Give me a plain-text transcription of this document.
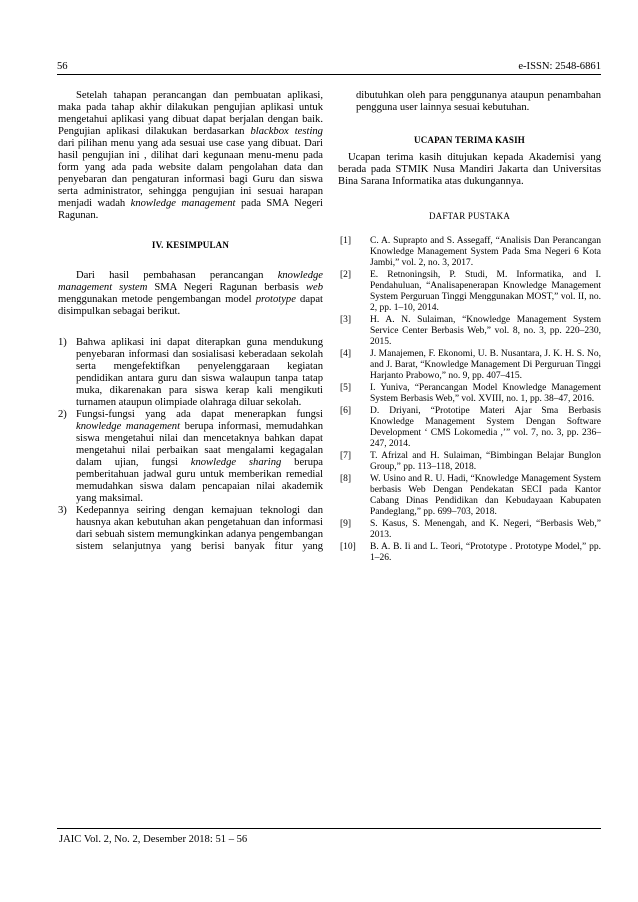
56	e-ISSN: 2548-6861

Setelah tahapan perancangan dan pembuatan aplikasi, maka pada tahap akhir dilakukan pengujian aplikasi untuk mengetahui aplikasi yang dibuat dapat berjalan dengan baik. Pengujian aplikasi dilakukan berdasarkan blackbox testing dari pilihan menu yang ada sesuai use case yang dibuat. Dari hasil pengujian ini , dilihat dari kegunaan menu-menu pada form yang ada pada website dalam pengolahan data dan penyebaran dan pengaturan informasi bagi Guru dan siswa serta administrator, sehingga pengujian ini sesuai harapan menjadi wadah knowledge management pada SMA Negeri Ragunan.

IV. KESIMPULAN

Dari hasil pembahasan perancangan knowledge management system SMA Negeri Ragunan berbasis web menggunakan metode pengembangan model prototype dapat disimpulkan sebagai berikut.

1) Bahwa aplikasi ini dapat diterapkan guna mendukung penyebaran informasi dan sosialisasi keberadaan sekolah serta mengefektifkan penyelenggaraan kegiatan pendidikan antara guru dan siswa walaupun tanpa tatap muka, dikarenakan para siswa kerap kali mengikuti turnamen ataupun olimpiade olahraga diluar sekolah.
2) Fungsi-fungsi yang ada dapat menerapkan fungsi knowledge management berupa informasi, memudahkan siswa mengetahui nilai dan mencetaknya bahkan dapat mengetahui nilai perbaikan saat mengalami kegagalan dalam ujian, fungsi knowledge sharing berupa pemberitahuan jadwal guru untuk memberikan remedial memudahkan siswa dalam pencapaian nilai akademik yang maksimal.
3) Kedepannya seiring dengan kemajuan teknologi dan hausnya akan kebutuhan akan pengetahuan dan informasi dari sebuah sistem memungkinkan adanya pengembangan sistem selanjutnya yang berisi banyak fitur yang

dibutuhkan oleh para penggunanya ataupun penambahan pengguna user lainnya sesuai kebutuhan.

UCAPAN TERIMA KASIH

Ucapan terima kasih ditujukan kepada Akademisi yang berada pada STMIK Nusa Mandiri Jakarta dan Universitas Bina Sarana Informatika atas dukungannya.

DAFTAR PUSTAKA
[1]	C. A. Suprapto and S. Assegaff, “Analisis Dan Perancangan Knowledge Management System Pada Sma Negeri 6 Kota Jambi,” vol. 2, no. 3, 2017.
[2]	E. Retnoningsih, P. Studi, M. Informatika, and I. Pendahuluan, “Analisapenerapan Knowledge Management System Perguruan Tinggi Menggunakan MOST,” vol. II, no. 2, pp. 1–10, 2014.
[3]	H. A. N. Sulaiman, “Knowledge Management System Service Center Berbasis Web,” vol. 8, no. 3, pp. 220–230, 2015.
[4]	J. Manajemen, F. Ekonomi, U. B. Nusantara, J. K. H. S. No, and J. Barat, “Knowledge Management Di Perguruan Tinggi Harjanto Prabowo,” no. 9, pp. 407–415.
[5]	I. Yuniva, “Perancangan Model Knowledge Management System Berbasis Web,” vol. XVIII, no. 1, pp. 38–47, 2016.
[6]	D. Driyani, “Prototipe Materi Ajar Sma Berbasis Knowledge Management System Dengan Software Development ‘ CMS Lokomedia ,’” vol. 7, no. 3, pp. 236–247, 2014.
[7]	T. Afrizal and H. Sulaiman, “Bimbingan Belajar Bunglon Group,” pp. 113–118, 2018.
[8]	W. Usino and R. U. Hadi, “Knowledge Management System berbasis Web Dengan Pendekatan SECI pada Kantor Cabang Dinas Pendidikan dan Kebudayaan Kabupaten Pandeglang,” pp. 699–703, 2018.
[9]	S. Kasus, S. Menengah, and K. Negeri, “Berbasis Web,” 2013.
[10]	B. A. B. Ii and L. Teori, “Prototype . Prototype Model,” pp. 1–26.
JAIC Vol. 2, No. 2, Desember 2018: 51 – 56
